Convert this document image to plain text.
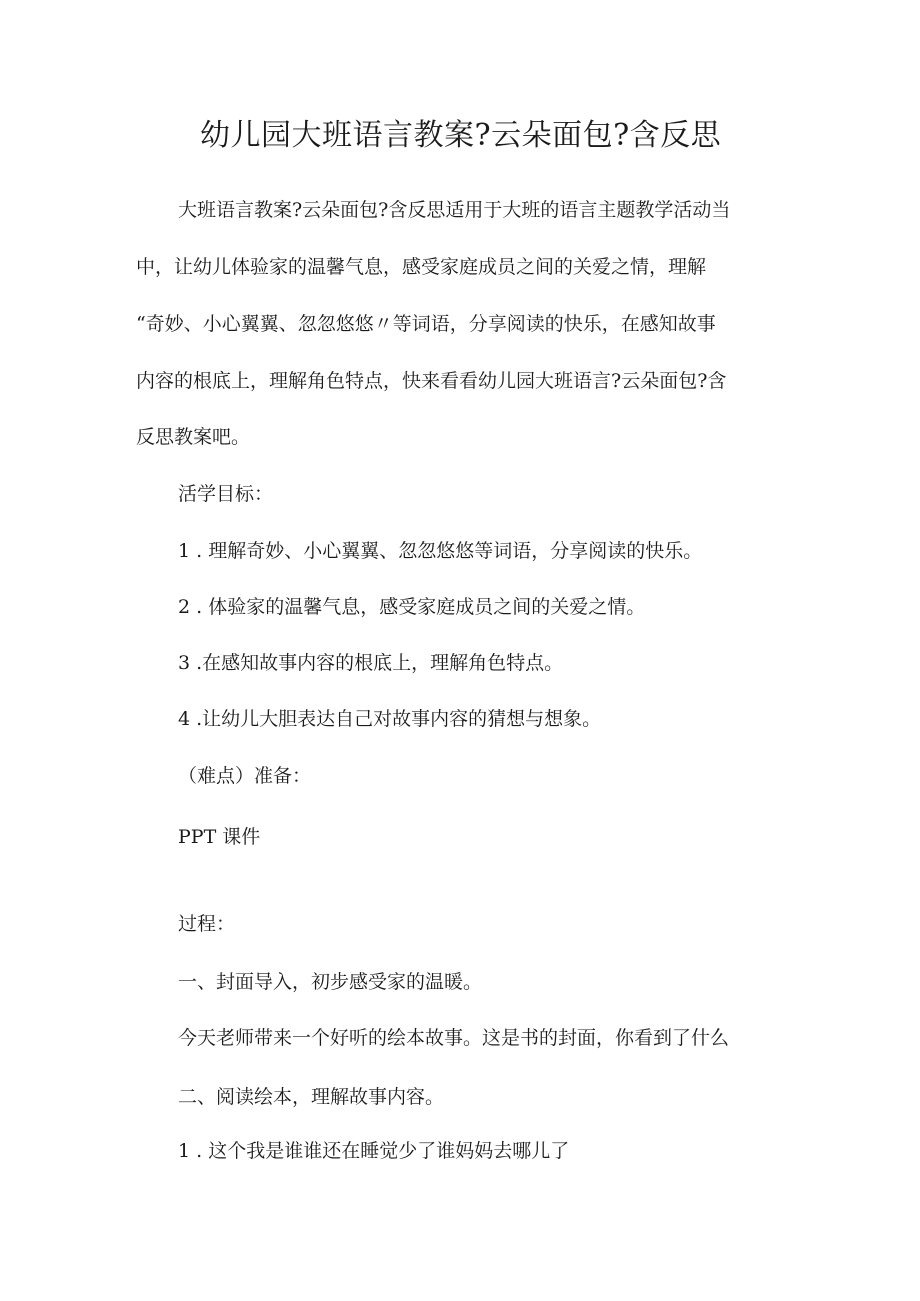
幼儿园大班语言教案?云朵面包?含反思
大班语言教案?云朵面包?含反思适用于大班的语言主题教学活动当
中，让幼儿体验家的温馨气息，感受家庭成员之间的关爱之情，理解
“奇妙、小心翼翼、忽忽悠悠〃等词语，分享阅读的快乐，在感知故事
内容的根底上，理解角色特点，快来看看幼儿园大班语言?云朵面包?含
反思教案吧。
活学目标：
1 . 理解奇妙、小心翼翼、忽忽悠悠等词语，分享阅读的快乐。
2 . 体验家的温馨气息，感受家庭成员之间的关爱之情。
3 .在感知故事内容的根底上，理解角色特点。
4 .让幼儿大胆表达自己对故事内容的猜想与想象。
（难点）准备：
PPT 课件
过程：
一、封面导入，初步感受家的温暖。
今天老师带来一个好听的绘本故事。这是书的封面，你看到了什么
二、阅读绘本，理解故事内容。
1 . 这个我是谁谁还在睡觉少了谁妈妈去哪儿了
